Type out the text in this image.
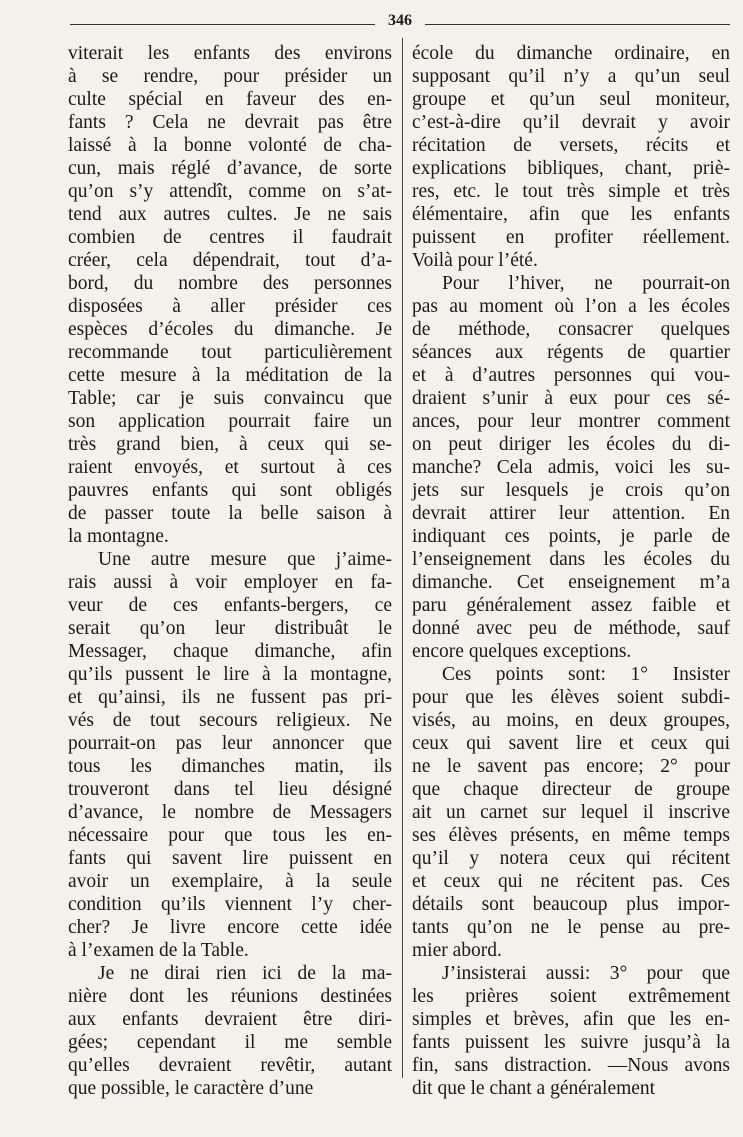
346
viterait les enfants des environs
à se rendre, pour présider un
culte spécial en faveur des en-
fants ? Cela ne devrait pas être
laissé à la bonne volonté de cha-
cun, mais réglé d’avance, de sorte
qu’on s’y attendît, comme on s’at-
tend aux autres cultes. Je ne sais
combien de centres il faudrait
créer, cela dépendrait, tout d’a-
bord, du nombre des personnes
disposées à aller présider ces
espèces d’écoles du dimanche. Je
recommande tout particulièrement
cette mesure à la méditation de la
Table; car je suis convaincu que
son application pourrait faire un
très grand bien, à ceux qui se-
raient envoyés, et surtout à ces
pauvres enfants qui sont obligés
de passer toute la belle saison à
la montagne.
Une autre mesure que j’aime-
rais aussi à voir employer en fa-
veur de ces enfants-bergers, ce
serait qu’on leur distribuât le
Messager, chaque dimanche, afin
qu’ils pussent le lire à la montagne,
et qu’ainsi, ils ne fussent pas pri-
vés de tout secours religieux. Ne
pourrait-on pas leur annoncer que
tous les dimanches matin, ils
trouveront dans tel lieu désigné
d’avance, le nombre de Messagers
nécessaire pour que tous les en-
fants qui savent lire puissent en
avoir un exemplaire, à la seule
condition qu’ils viennent l’y cher-
cher? Je livre encore cette idée
à l’examen de la Table.
Je ne dirai rien ici de la ma-
nière dont les réunions destinées
aux enfants devraient être diri-
gées; cependant il me semble
qu’elles devraient revêtir, autant
que possible, le caractère d’une
école du dimanche ordinaire, en
supposant qu’il n’y a qu’un seul
groupe et qu’un seul moniteur,
c’est-à-dire qu’il devrait y avoir
récitation de versets, récits et
explications bibliques, chant, priè-
res, etc. le tout très simple et très
élémentaire, afin que les enfants
puissent en profiter réellement.
Voilà pour l’été.
Pour l’hiver, ne pourrait-on
pas au moment où l’on a les écoles
de méthode, consacrer quelques
séances aux régents de quartier
et à d’autres personnes qui vou-
draient s’unir à eux pour ces sé-
ances, pour leur montrer comment
on peut diriger les écoles du di-
manche? Cela admis, voici les su-
jets sur lesquels je crois qu’on
devrait attirer leur attention. En
indiquant ces points, je parle de
l’enseignement dans les écoles du
dimanche. Cet enseignement m’a
paru généralement assez faible et
donné avec peu de méthode, sauf
encore quelques exceptions.
Ces points sont: 1° Insister
pour que les élèves soient subdi-
visés, au moins, en deux groupes,
ceux qui savent lire et ceux qui
ne le savent pas encore; 2° pour
que chaque directeur de groupe
ait un carnet sur lequel il inscrive
ses élèves présents, en même temps
qu’il y notera ceux qui récitent
et ceux qui ne récitent pas. Ces
détails sont beaucoup plus impor-
tants qu’on ne le pense au pre-
mier abord.
J’insisterai aussi: 3° pour que
les prières soient extrêmement
simples et brèves, afin que les en-
fants puissent les suivre jusqu’à la
fin, sans distraction. —Nous avons
dit que le chant a généralement
